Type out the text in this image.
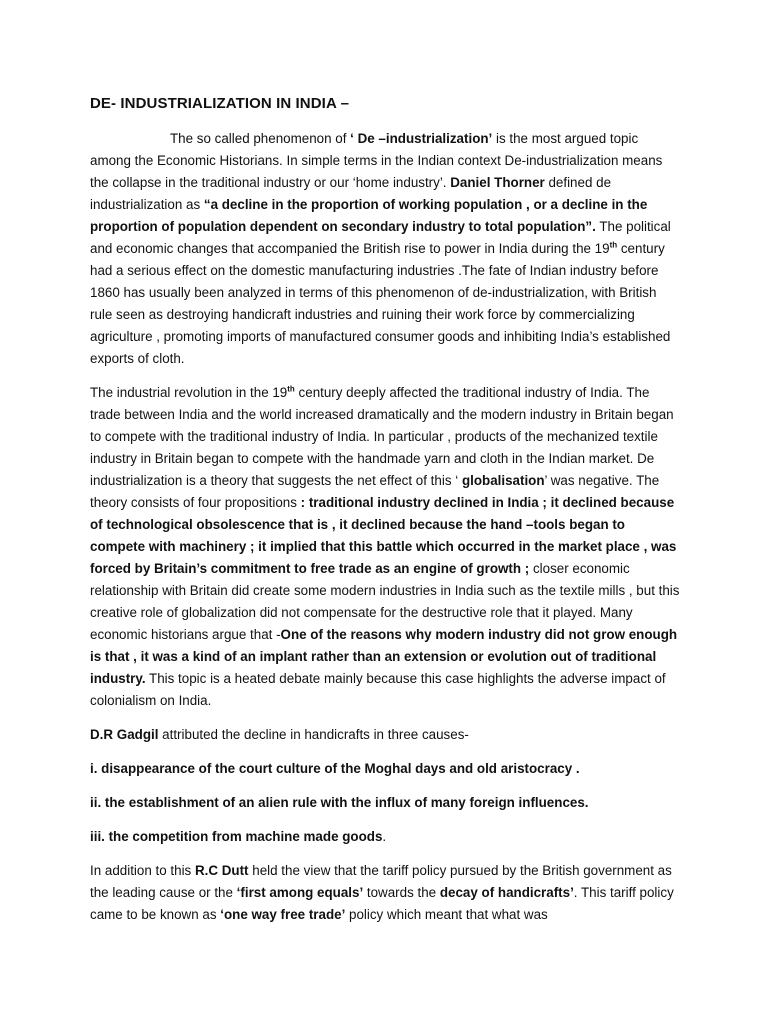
DE- INDUSTRIALIZATION IN INDIA –

The so called phenomenon of ‘ De –industrialization’ is the most argued topic among the Economic Historians. In simple terms in the Indian context De-industrialization means the collapse in the traditional industry or our ‘home industry’. Daniel Thorner defined de industrialization as “a decline in the proportion of working population , or a decline in the proportion of population dependent on secondary industry to total population”. The political and economic changes that accompanied the British rise to power in India during the 19th century had a serious effect on the domestic manufacturing industries .The fate of Indian industry before 1860 has usually been analyzed in terms of this phenomenon of de-industrialization, with British rule seen as destroying handicraft industries and ruining their work force by commercializing agriculture , promoting imports of manufactured consumer goods and inhibiting India’s established exports of cloth.

The industrial revolution in the 19th century deeply affected the traditional industry of India. The trade between India and the world increased dramatically and the modern industry in Britain began to compete with the traditional industry of India. In particular , products of the mechanized textile industry in Britain began to compete with the handmade yarn and cloth in the Indian market. De industrialization is a theory that suggests the net effect of this ‘ globalisation’ was negative. The theory consists of four propositions : traditional industry declined in India ; it declined because of technological obsolescence that is , it declined because the hand –tools began to compete with machinery ; it implied that this battle which occurred in the market place , was forced by Britain’s commitment to free trade as an engine of growth ; closer economic relationship with Britain did create some modern industries in India such as the textile mills , but this creative role of globalization did not compensate for the destructive role that it played. Many economic historians argue that -One of the reasons why modern industry did not grow enough is that , it was a kind of an implant rather than an extension or evolution out of traditional industry. This topic is a heated debate mainly because this case highlights the adverse impact of colonialism on India.

D.R Gadgil attributed the decline in handicrafts in three causes-

i. disappearance of the court culture of the Moghal days and old aristocracy .

ii. the establishment of an alien rule with the influx of many foreign influences.

iii. the competition from machine made goods.

In addition to this R.C Dutt held the view that the tariff policy pursued by the British government as the leading cause or the ‘first among equals’ towards the decay of handicrafts’. This tariff policy came to be known as ‘one way free trade’ policy which meant that what was
